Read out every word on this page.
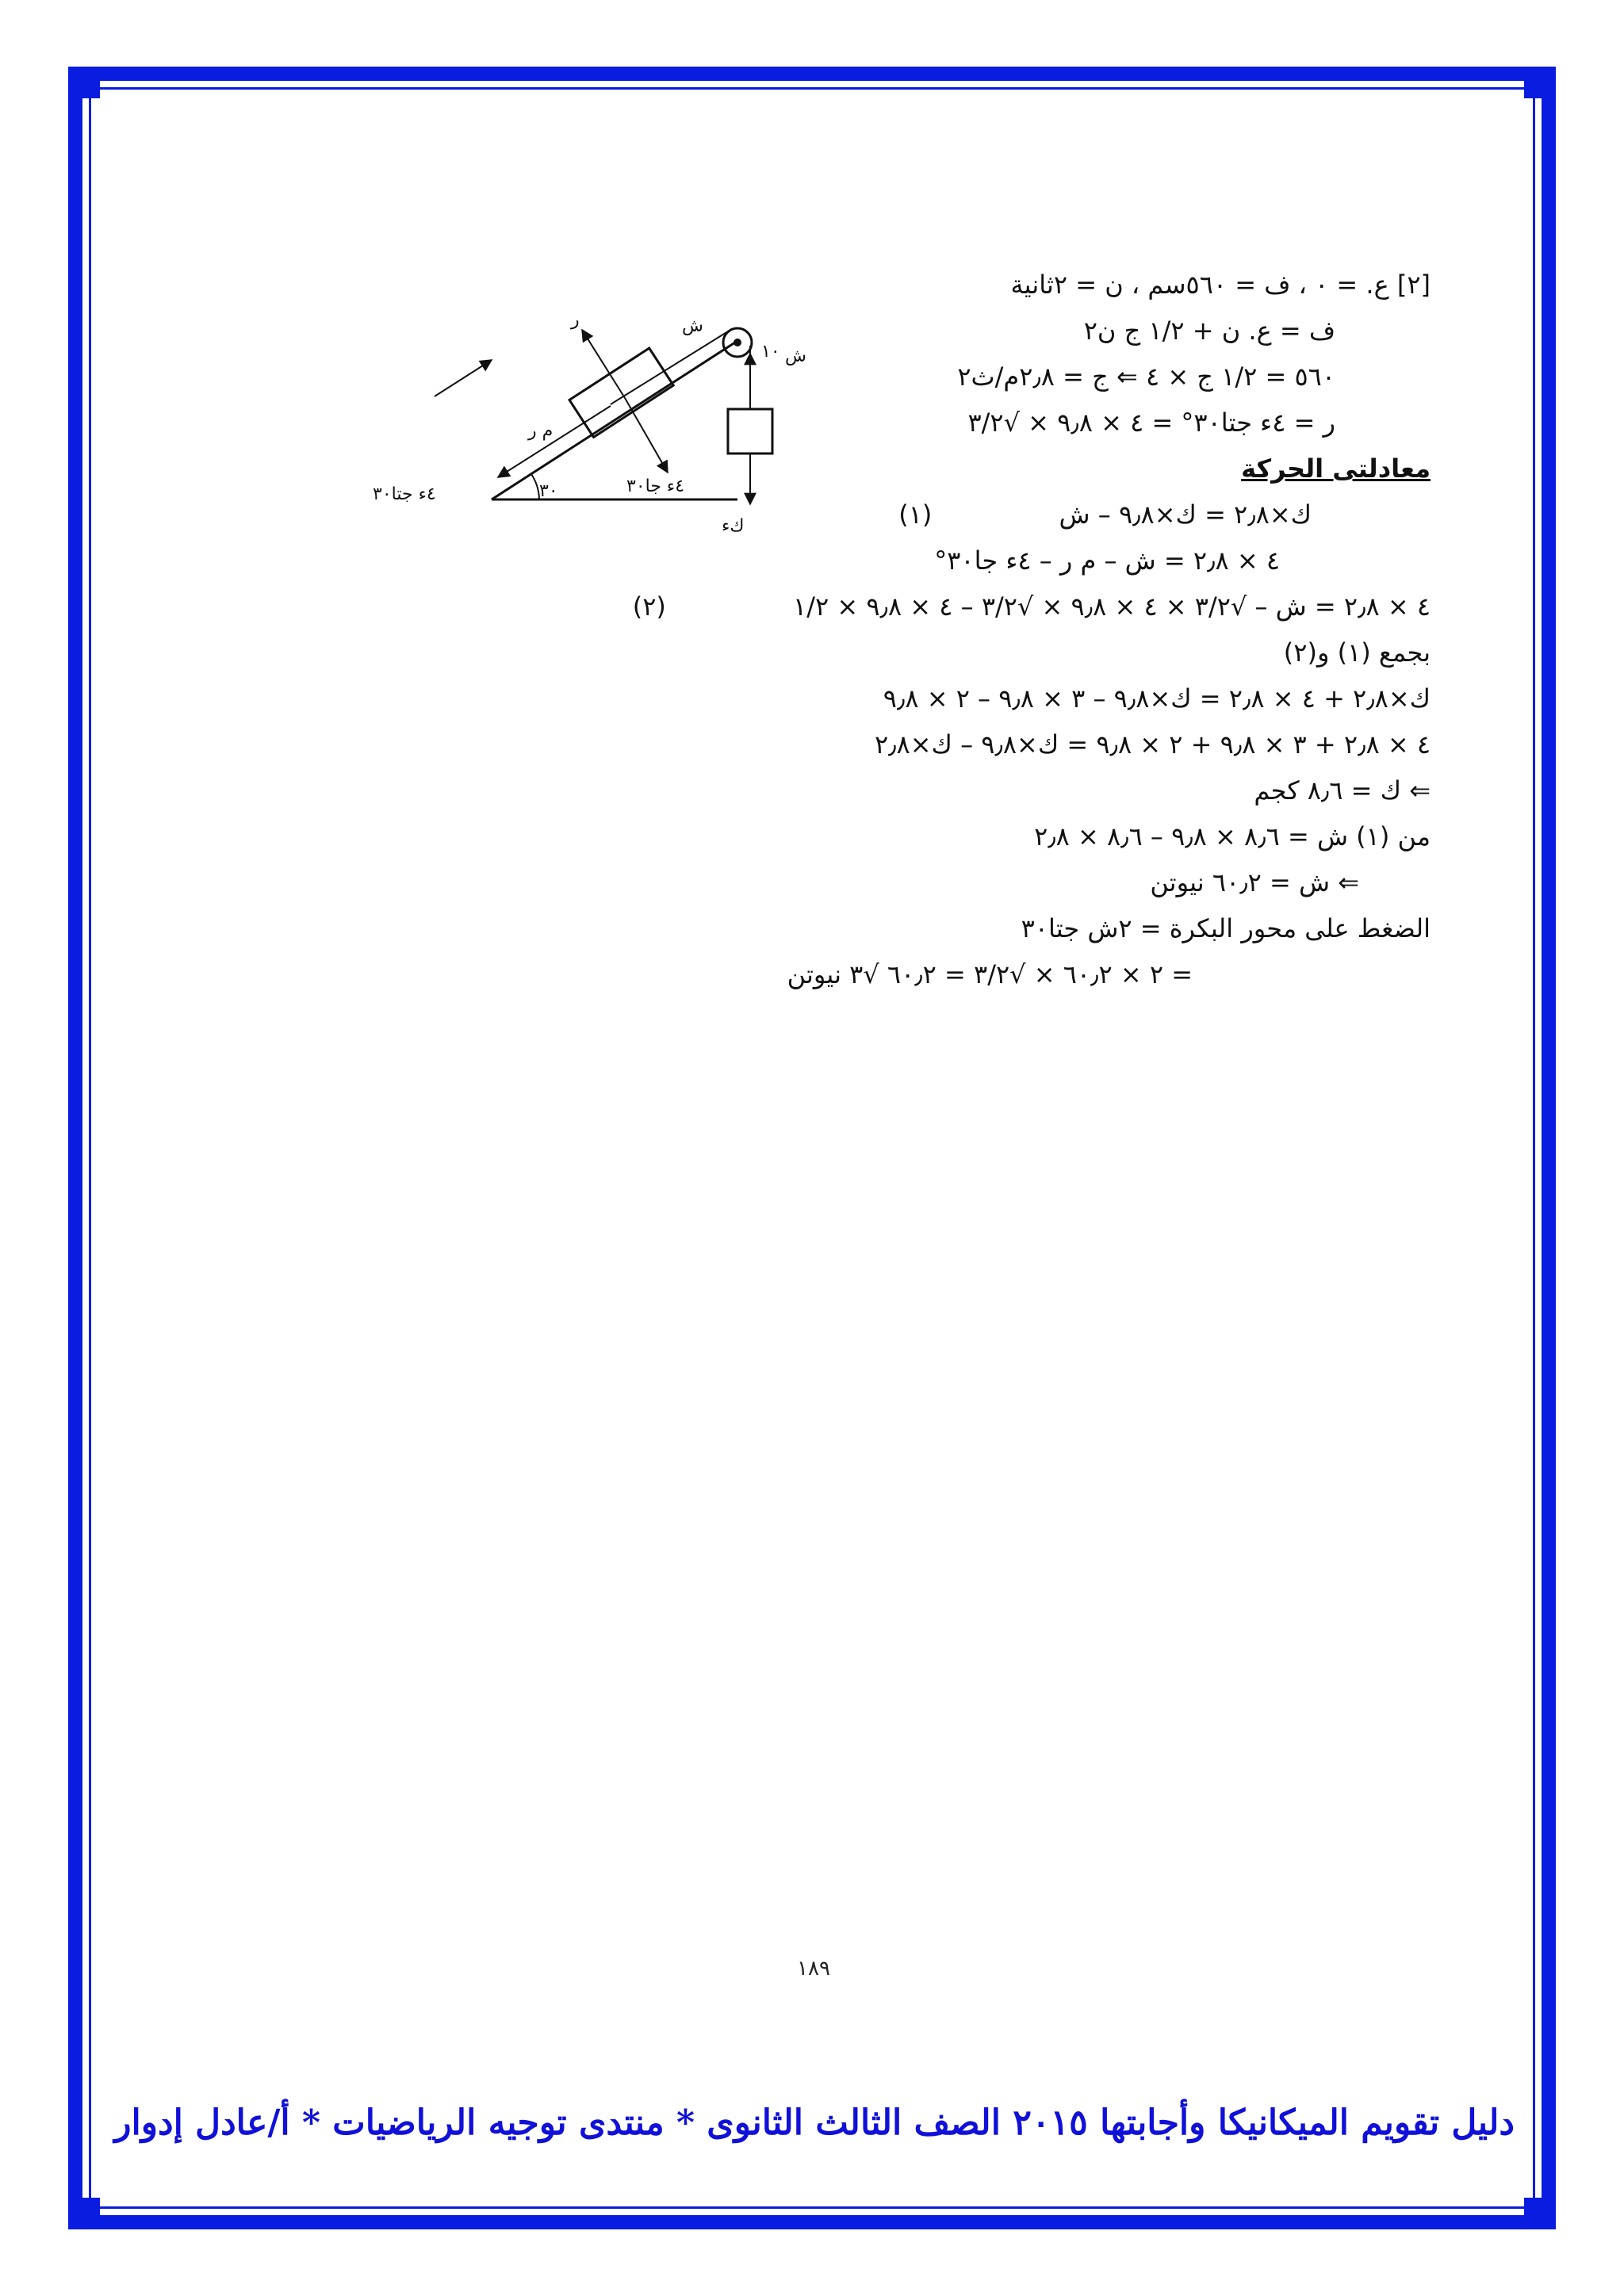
ش
ش
١٠
ر
م ر
٣٠
٤ء جتا٣٠	٤ء جا٣٠
كء
[٢] ع. = ٠ ، ف = ٥٦٠سم ، ن = ٢ثانية
ف = ع. ن + ١/٢ ج ن٢
٥٦٠ = ١/٢ ج × ٤ ⇐ ج = ٢٫٨م/ث٢
ر = ٤ء جتا٣٠° = ٤ × ٩٫٨ × √٣/٢
معادلتى الحركة
ك×٢٫٨ = ك×٩٫٨ – ش (١)
٤ × ٢٫٨ = ش – م ر – ٤ء جا٣٠°
٤ × ٢٫٨ = ش – √٣/٢ × ٤ × ٩٫٨ × √٣/٢ – ٤ × ٩٫٨ × ١/٢ (٢)
بجمع (١) و(٢)
ك×٢٫٨ + ٤ × ٢٫٨ = ك×٩٫٨ – ٣ × ٩٫٨ – ٢ × ٩٫٨
٤ × ٢٫٨ + ٣ × ٩٫٨ + ٢ × ٩٫٨ = ك×٩٫٨ – ك×٢٫٨
⇐ ك = ٨٫٦ كجم
من (١) ش = ٨٫٦ × ٩٫٨ – ٨٫٦ × ٢٫٨
⇐ ش = ٦٠٫٢ نيوتن
الضغط على محور البكرة = ٢ش جتا٣٠
= ٢ × ٦٠٫٢ × √٣/٢ = ٦٠٫٢ √٣ نيوتن
١٨٩
دليل تقويم الميكانيكا وأجابتها ٢٠١٥ الصف الثالث الثانوى * منتدى توجيه الرياضيات * أ/عادل إدوار
